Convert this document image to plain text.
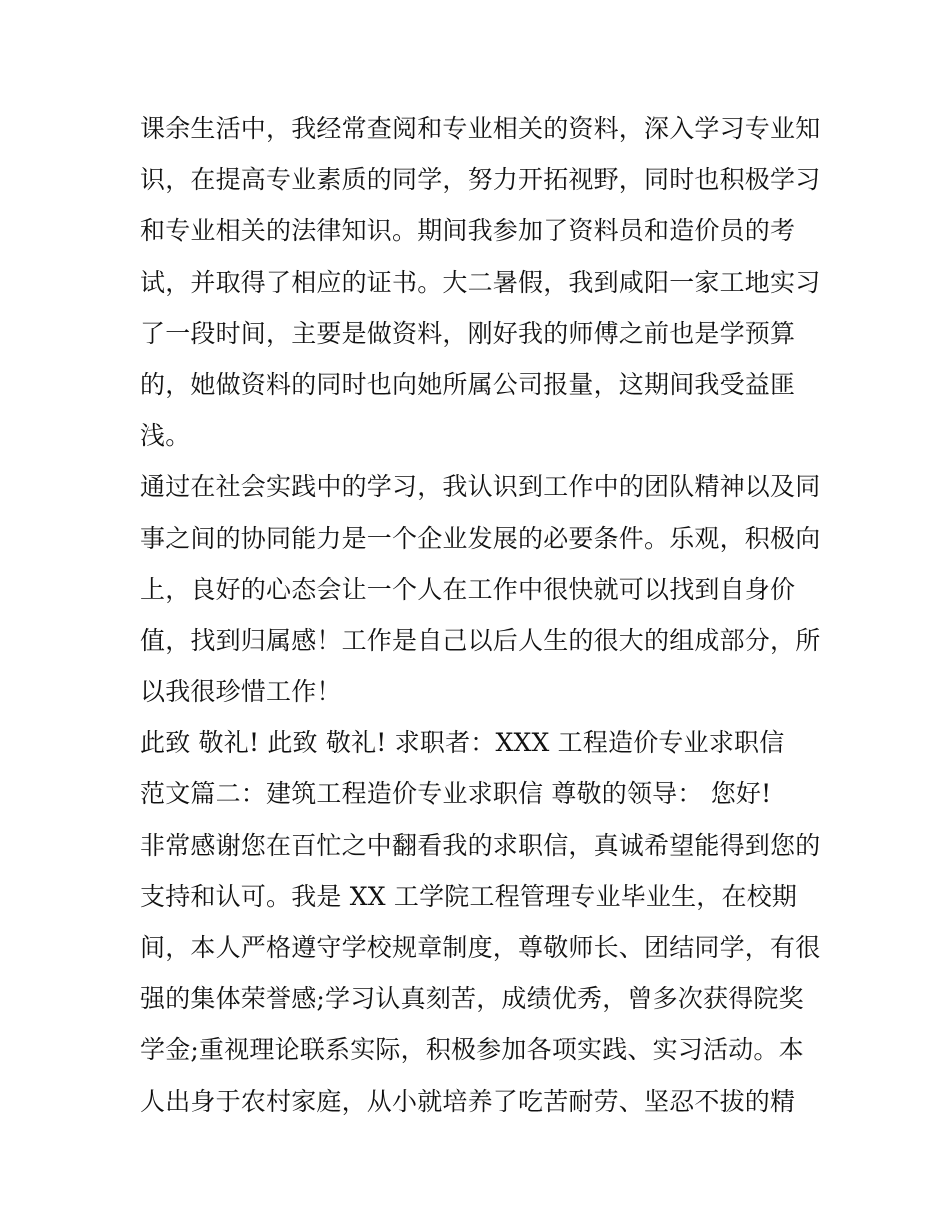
课余生活中，我经常查阅和专业相关的资料，深入学习专业知
识，在提高专业素质的同学，努力开拓视野，同时也积极学习
和专业相关的法律知识。期间我参加了资料员和造价员的考
试，并取得了相应的证书。大二暑假，我到咸阳一家工地实习
了一段时间，主要是做资料，刚好我的师傅之前也是学预算
的，她做资料的同时也向她所属公司报量，这期间我受益匪
浅。
通过在社会实践中的学习，我认识到工作中的团队精神以及同
事之间的协同能力是一个企业发展的必要条件。乐观，积极向
上，良好的心态会让一个人在工作中很快就可以找到自身价
值，找到归属感！工作是自己以后人生的很大的组成部分，所
以我很珍惜工作！
此致 敬礼! 此致 敬礼! 求职者：XXX 工程造价专业求职信
范文篇二：建筑工程造价专业求职信 尊敬的领导： 您好!
非常感谢您在百忙之中翻看我的求职信，真诚希望能得到您的
支持和认可。我是 XX 工学院工程管理专业毕业生，在校期
间，本人严格遵守学校规章制度，尊敬师长、团结同学，有很
强的集体荣誉感;学习认真刻苦，成绩优秀，曾多次获得院奖
学金;重视理论联系实际，积极参加各项实践、实习活动。本
人出身于农村家庭，从小就培养了吃苦耐劳、坚忍不拔的精
